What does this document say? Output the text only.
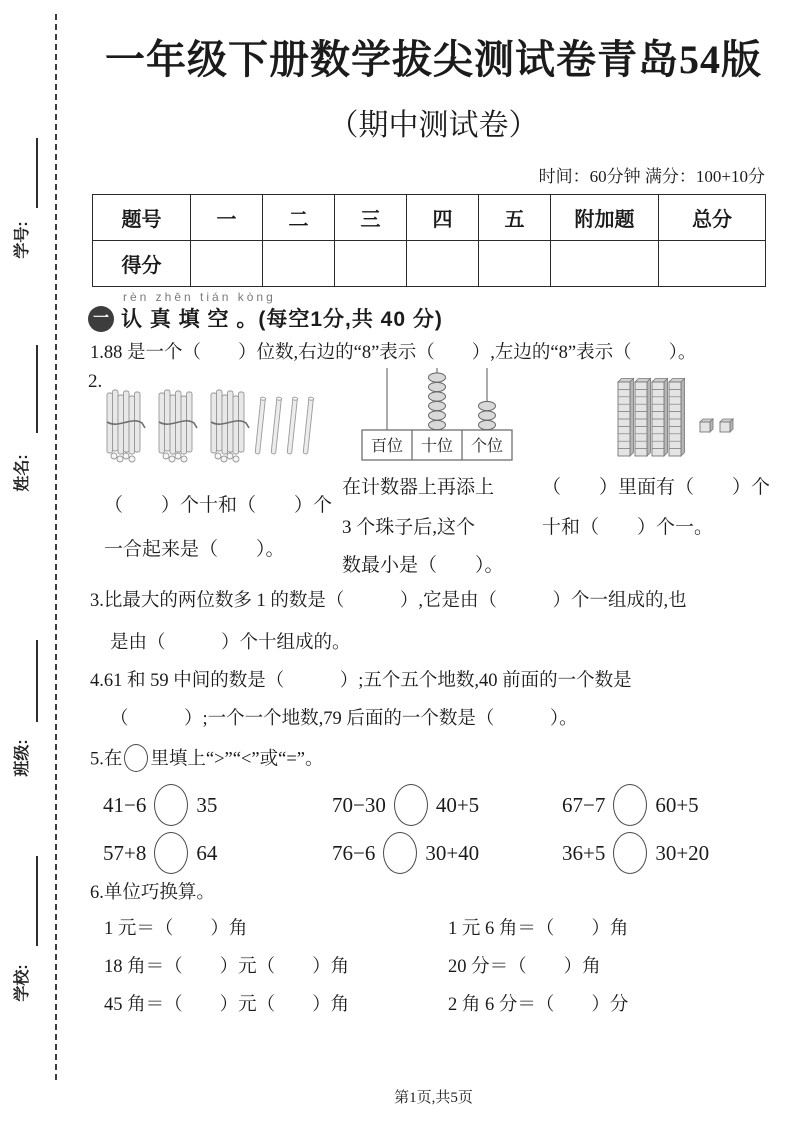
学号:
姓名:
班级:
学校:
一年级下册数学拔尖测试卷青岛54版
（期中测试卷）
时间：60分钟 满分：100+10分
题号	一	二	三	四	五	附加题	总分
得分							
rèn zhēn tián kòng
一 认 真 填 空 。(每空1分,共 40 分)
1.88 是一个（　　）位数,右边的“8”表示（　　）,左边的“8”表示（　　）。
2.
百位 十位 个位
（　　）个十和（　　）个
一合起来是（　　）。
在计数器上再添上
3 个珠子后,这个
数最小是（　　）。
（　　）里面有（　　）个
十和（　　）个一。
3.比最大的两位数多 1 的数是（　　　）,它是由（　　　）个一组成的,也
是由（　　　）个十组成的。
4.61 和 59 中间的数是（　　　）;五个五个地数,40 前面的一个数是
（　　　）;一个一个地数,79 后面的一个数是（　　　）。
5.在 里填上“>”“<”或“=”。
41−6 35	70−30 40+5	67−7 60+5
57+8 64	76−6 30+40	36+5 30+20
6.单位巧换算。
1 元＝（　　）角	1 元 6 角＝（　　）角
18 角＝（　　）元（　　）角	20 分＝（　　）角
45 角＝（　　）元（　　）角	2 角 6 分＝（　　）分
第1页,共5页
